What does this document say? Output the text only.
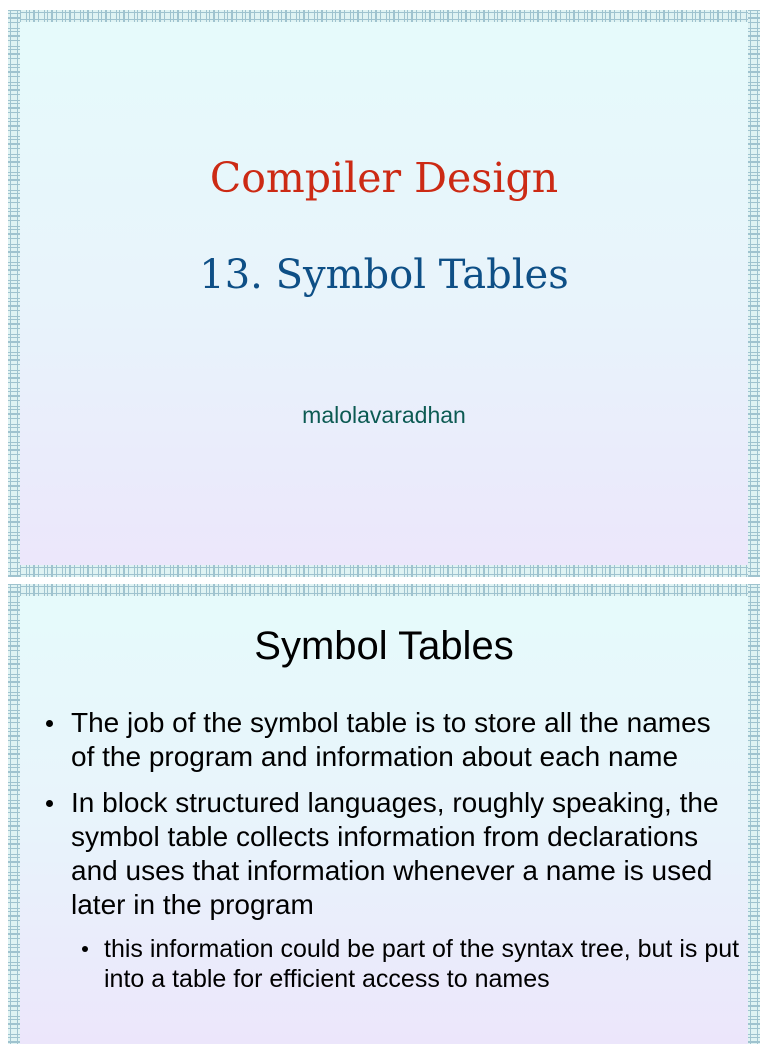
Compiler Design
13. Symbol Tables
malolavaradhan
Symbol Tables
The job of the symbol table is to store all the names of the program and information about each name
In block structured languages, roughly speaking, the symbol table collects information from declarations and uses that information whenever a name is used later in the program
this information could be part of the syntax tree, but is put into a table for efficient access to names
